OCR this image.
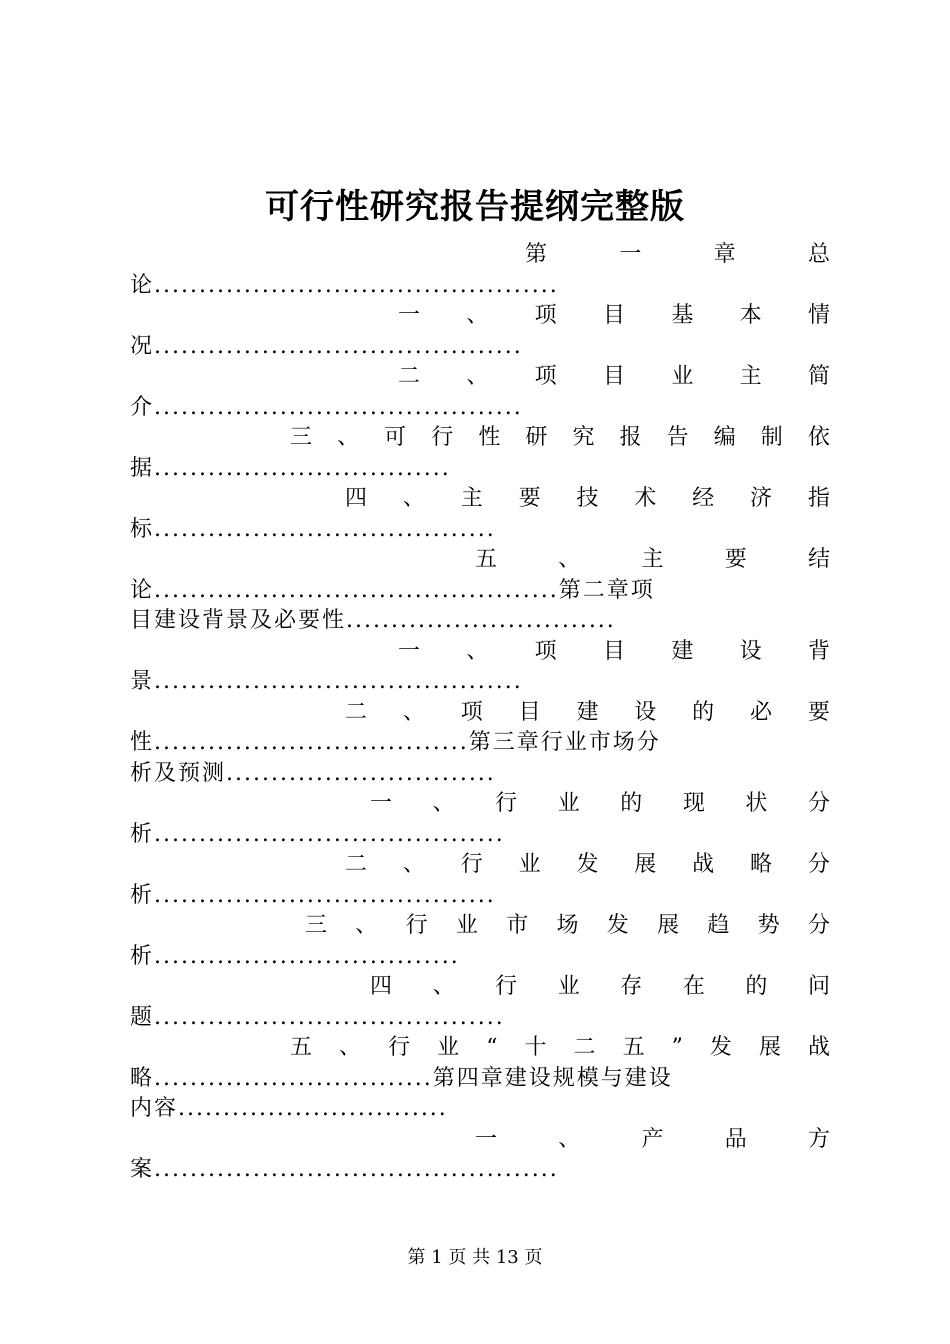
可行性研究报告提纲完整版
第	一	章	总
论.............................................
一 、 项 目 基 本 情
况.........................................
二 、 项 目 业 主 简
介.........................................
三 、 可 行 性 研 究 报 告 编 制 依
据.................................
四 、 主 要 技 术 经 济 指
标......................................
五	、	主	要	结
论.............................................第二章项
目建设背景及必要性..............................
一 、 项 目 建 设 背
景.........................................
二 、 项 目 建 设 的 必 要
性...................................第三章行业市场分
析及预测..............................
一 、 行 业 的 现 状 分
析.......................................
二 、 行 业 发 展 战 略 分
析......................................
三 、 行 业 市 场 发 展 趋 势 分
析..................................
四 、 行 业 存 在 的 问
题.......................................
五 、 行 业 “ 十 二 五 ” 发 展 战
略...............................第四章建设规模与建设
内容..............................
一	、	产	品	方
案.............................................
第 1 页 共 13 页
